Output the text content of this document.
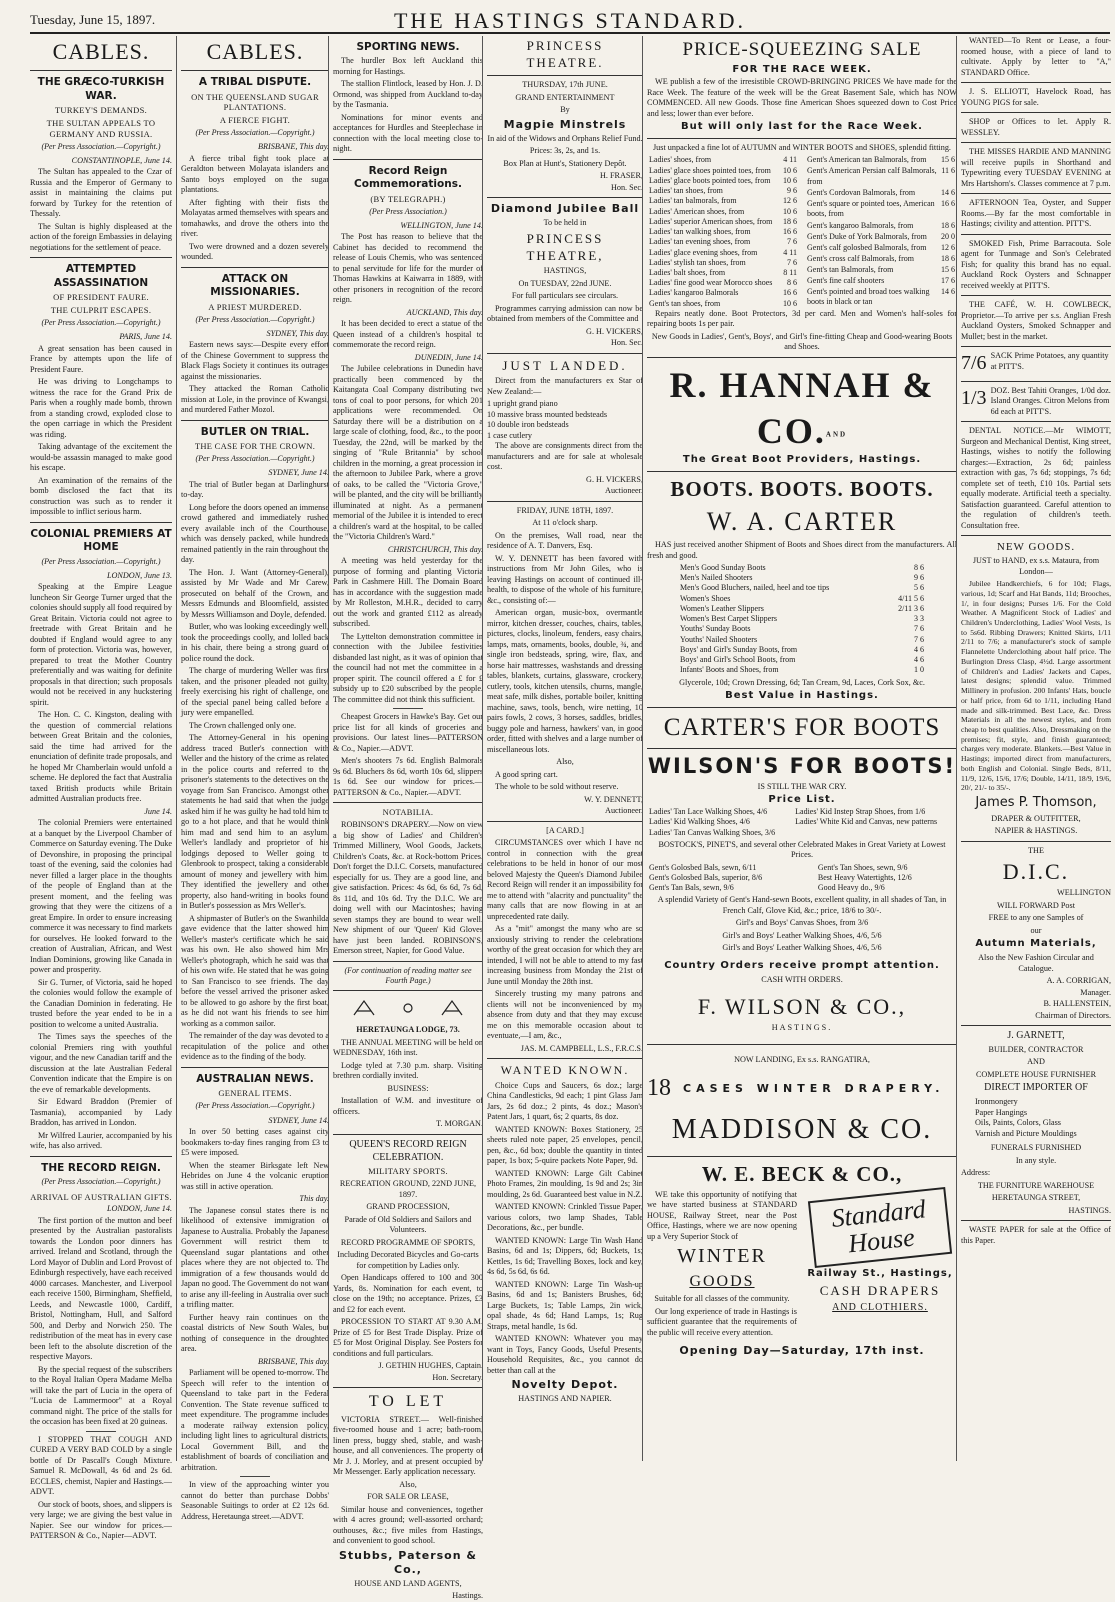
Tuesday, June 15, 1897.	THE HASTINGS STANDARD.
CABLES.
THE GRÆCO-TURKISH WAR.
TURKEY'S DEMANDS.
THE SULTAN APPEALS TO GERMANY AND RUSSIA.
(Per Press Association.—Copyright.)
CONSTANTINOPLE, June 14.

The Sultan has appealed to the Czar of Russia and the Emperor of Germany to assist in maintaining the claims put forward by Turkey for the retention of Thessaly.

The Sultan is highly displeased at the action of the foreign Embassies in delaying negotiations for the settlement of peace.

ATTEMPTED ASSASSINATION
OF PRESIDENT FAURE.
THE CULPRIT ESCAPES.
(Per Press Association.—Copyright.)
PARIS, June 14.

A great sensation has been caused in France by attempts upon the life of President Faure.

He was driving to Longchamps to witness the race for the Grand Prix de Paris when a roughly made bomb, thrown from a standing crowd, exploded close to the open carriage in which the President was riding.

Taking advantage of the excitement the would-be assassin managed to make good his escape.

An examination of the remains of the bomb disclosed the fact that its construction was such as to render it impossible to inflict serious harm.

COLONIAL PREMIERS AT HOME
(Per Press Association.—Copyright.)
LONDON, June 13.

Speaking at the Empire League luncheon Sir George Turner urged that the colonies should supply all food required by Great Britain. Victoria could not agree to freetrade with Great Britain and he doubted if England would agree to any form of protection. Victoria was, however, prepared to treat the Mother Country preferentially and was waiting for definite proposals in that direction; such proposals would not be received in any huckstering spirit.

The Hon. C. C. Kingston, dealing with the question of commercial relations between Great Britain and the colonies, said the time had arrived for the enunciation of definite trade proposals, and he hoped Mr Chamberlain would unfold a scheme. He deplored the fact that Australia taxed British products while Britain admitted Australian products free.

June 14.

The colonial Premiers were entertained at a banquet by the Liverpool Chamber of Commerce on Saturday evening. The Duke of Devonshire, in proposing the principal toast of the evening, said the colonies had never filled a larger place in the thoughts of the people of England than at the present moment, and the feeling was growing that they were the citizens of a great Empire. In order to ensure increasing commerce it was necessary to find markets for ourselves. He looked forward to the creation of Australian, African, and West Indian Dominions, growing like Canada in power and prosperity.

Sir G. Turner, of Victoria, said he hoped the colonies would follow the example of the Canadian Dominion in federating. He trusted before the year ended to be in a position to welcome a united Australia.

The Times says the speeches of the colonial Premiers ring with youthful vigour, and the new Canadian tariff and the discussion at the late Australian Federal Convention indicate that the Empire is on the eve of remarkable developments.

Sir Edward Braddon (Premier of Tasmania), accompanied by Lady Braddon, has arrived in London.

Mr Wilfred Laurier, accompanied by his wife, has also arrived.

THE RECORD REIGN.
(Per Press Association.—Copyright.)
ARRIVAL OF AUSTRALIAN GIFTS.
LONDON, June 14.

The first portion of the mutton and beef presented by the Australian pastoralists towards the London poor dinners has arrived. Ireland and Scotland, through the Lord Mayor of Dublin and Lord Provost of Edinburgh respectively, have each received 4000 carcases. Manchester, and Liverpool each receive 1500, Birmingham, Sheffield, Leeds, and Newcastle 1000, Cardiff, Bristol, Nottingham, Hull, and Salford 500, and Derby and Norwich 250. The redistribution of the meat has in every case been left to the absolute discretion of the respective Mayors.

By the special request of the subscribers to the Royal Italian Opera Madame Melba will take the part of Lucia in the opera of "Lucia de Lammermoor" at a Royal command night. The price of the stalls for the occasion has been fixed at 20 guineas.

I STOPPED THAT COUGH AND CURED A VERY BAD COLD by a single bottle of Dr Pascall's Cough Mixture. Samuel R. McDowall, 4s 6d and 2s 6d. ECCLES, chemist, Napier and Hastings.—ADVT.

Our stock of boots, shoes, and slippers is very large; we are giving the best value in Napier. See our window for prices.—PATTERSON & Co., Napier—ADVT.

CABLES.
A TRIBAL DISPUTE.
ON THE QUEENSLAND SUGAR PLANTATIONS.
A FIERCE FIGHT.
(Per Press Association.—Copyright.)
BRISBANE, This day.

A fierce tribal fight took place at Geraldton between Molayata islanders and Santo boys employed on the sugar plantations.

After fighting with their fists the Molayatas armed themselves with spears and tomahawks, and drove the others into the river.

Two were drowned and a dozen severely wounded.

ATTACK ON MISSIONARIES.
A PRIEST MURDERED.
(Per Press Association.—Copyright.)
SYDNEY, This day.

Eastern news says:—Despite every effort of the Chinese Government to suppress the Black Flags Society it continues its outrages against the missionaries.

They attacked the Roman Catholic mission at Lole, in the province of Kwangsi, and murdered Father Mozol.

BUTLER ON TRIAL.
THE CASE FOR THE CROWN.
(Per Press Association.—Copyright.)
SYDNEY, June 14.

The trial of Butler began at Darlinghurst to-day.

Long before the doors opened an immense crowd gathered and immediately rushed every available inch of the Courthouse, which was densely packed, while hundreds remained patiently in the rain throughout the day.

The Hon. J. Want (Attorney-General), assisted by Mr Wade and Mr Carew, prosecuted on behalf of the Crown, and Messrs Edmunds and Bloomfield, assisted by Messrs Williamson and Doyle, defended.

Butler, who was looking exceedingly well, took the proceedings coolly, and lolled back in his chair, there being a strong guard of police round the dock.

The charge of murdering Weller was first taken, and the prisoner pleaded not guilty, freely exercising his right of challenge, one of the special panel being called before a jury were empanelled.

The Crown challenged only one.

The Attorney-General in his opening address traced Butler's connection with Weller and the history of the crime as related in the police courts and referred to the prisoner's statements to the detectives on the voyage from San Francisco. Amongst other statements he had said that when the judge asked him if he was guilty he had told him to go to a hot place, and that he would think him mad and send him to an asylum. Weller's landlady and proprietor of his lodgings deposed to Weller going to Glenbrook to prospect, taking a considerable amount of money and jewellery with him. They identified the jewellery and other property, also hand-writing in books found in Butler's possession as Mrs Weller's.

A shipmaster of Butler's on the Swanhilda gave evidence that the latter showed him Weller's master's certificate which he said was his own. He also showed him Mrs Weller's photograph, which he said was that of his own wife. He stated that he was going to San Francisco to see friends. The day before the vessel arrived the prisoner asked to be allowed to go ashore by the first boat, as he did not want his friends to see him working as a common sailor.

The remainder of the day was devoted to a recapitulation of the police and other evidence as to the finding of the body.

AUSTRALIAN NEWS.
GENERAL ITEMS.
(Per Press Association.—Copyright.)
SYDNEY, June 14.

In over 50 betting cases against city bookmakers to-day fines ranging from £3 to £5 were imposed.

When the steamer Birksgate left New Hebrides on June 4 the volcanic eruption was still in active operation.

This day.

The Japanese consul states there is no likelihood of extensive immigration of Japanese to Australia. Probably the Japanese Government will restrict them to Queensland sugar plantations and other places where they are not objected to. The immigration of a few thousands would do Japan no good. The Government do not want to arise any ill-feeling in Australia over such a trifling matter.

Further heavy rain continues on the coastal districts of New South Wales, but nothing of consequence in the droughted area.

BRISBANE, This day.

Parliament will be opened to-morrow. The Speech will refer to the intention of Queensland to take part in the Federal Convention. The State revenue sufficed to meet expenditure. The programme includes a moderate railway extension policy, including light lines to agricultural districts, Local Government Bill, and the establishment of boards of conciliation and arbitration.

In view of the approaching winter you cannot do better than purchase Dobbs' Seasonable Suitings to order at £2 12s 6d. Address, Heretaunga street.—ADVT.

SPORTING NEWS.

The hurdler Box left Auckland this morning for Hastings.

The stallion Flintlock, leased by Hon. J. D. Ormond, was shipped from Auckland to-day by the Tasmania.

Nominations for minor events and acceptances for Hurdles and Steeplechase in connection with the local meeting close to-night.

Record Reign Commemorations.
(BY TELEGRAPH.)
(Per Press Association.)
WELLINGTON, June 14.

The Post has reason to believe that the Cabinet has decided to recommend the release of Louis Chemis, who was sentenced to penal servitude for life for the murder of Thomas Hawkins at Kaiwarra in 1889, with other prisoners in recognition of the record reign.

AUCKLAND, This day.

It has been decided to erect a statue of the Queen instead of a children's hospital to commemorate the record reign.

DUNEDIN, June 14.

The Jubilee celebrations in Dunedin have practically been commenced by the Kaitangata Coal Company distributing two tons of coal to poor persons, for which 201 applications were recommended. On Saturday there will be a distribution on a large scale of clothing, food, &c., to the poor. Tuesday, the 22nd, will be marked by the singing of "Rule Britannia" by school children in the morning, a great procession in the afternoon to Jubilee Park, where a grove of oaks, to be called the "Victoria Grove," will be planted, and the city will be brilliantly illuminated at night. As a permanent memorial of the Jubilee it is intended to erect a children's ward at the hospital, to be called the "Victoria Children's Ward."

CHRISTCHURCH, This day.

A meeting was held yesterday for the purpose of forming and planting Victoria Park in Cashmere Hill. The Domain Board has in accordance with the suggestion made by Mr Rolleston, M.H.R., decided to carry out the work and granted £112 as already subscribed.

The Lyttelton demonstration committee in connection with the Jubilee festivities disbanded last night, as it was of opinion that the council had not met the committee in a proper spirit. The council offered a £ for £ subsidy up to £20 subscribed by the people. The committee did not think this sufficient.

Cheapest Grocers in Hawke's Bay. Get our price list for all kinds of groceries and provisions. Our latest lines—PATTERSON & Co., Napier.—ADVT.

Men's shooters 7s 6d. English Balmorals 9s 6d. Bluchers 8s 6d, worth 10s 6d, slippers 1s 6d. See our window for prices.—PATTERSON & Co., Napier.—ADVT.

NOTABILIA.

ROBINSON'S DRAPERY.—Now on view a big show of Ladies' and Children's Trimmed Millinery, Wool Goods, Jackets, Children's Coats, &c. at Rock-bottom Prices. Don't forget the D.I.C. Corsets, manufactured especially for us. They are a good line, and give satisfaction. Prices: 4s 6d, 6s 6d, 7s 6d, 8s 11d, and 10s 6d. Try the D.I.C. We are doing well with our Macintoshes; having seven stamps they are bound to wear well. New shipment of our 'Queen' Kid Gloves have just been landed. ROBINSON'S, Emerson street, Napier, for Good Value.

(For continuation of reading matter see Fourth Page.)
HERETAUNGA LODGE, 73.

THE ANNUAL MEETING will be held on WEDNESDAY, 16th inst.

Lodge tyled at 7.30 p.m. sharp. Visiting brethren cordially invited.

BUSINESS:

Installation of W.M. and investiture of officers.

T. MORGAN.
QUEEN'S RECORD REIGN CELEBRATION.
MILITARY SPORTS.
RECREATION GROUND, 22ND JUNE, 1897.
GRAND PROCESSION,
Parade of Old Soldiers and Sailors and Volunteers.
RECORD PROGRAMME OF SPORTS,
Including Decorated Bicycles and Go-carts for competition by Ladies only.

Open Handicaps offered to 100 and 300 Yards, 8s. Nomination for each event, to close on the 19th; no acceptance. Prizes, £3 and £2 for each event.

PROCESSION TO START AT 9.30 A.M. Prize of £5 for Best Trade Display. Prize of £5 for Most Original Display. See Posters for conditions and full particulars.

J. GETHIN HUGHES, Captain.
Hon. Secretary.
TO LET

VICTORIA STREET.— Well-finished five-roomed house and 1 acre; bath-room, linen press, buggy shed, stable, and wash-house, and all conveniences. The property of Mr J. J. Morley, and at present occupied by Mr Messenger. Early application necessary.

Also,
FOR SALE OR LEASE,

Similar house and conveniences, together with 4 acres ground; well-assorted orchard; outhouses, &c.; five miles from Hastings, and convenient to good school.

Stubbs, Paterson & Co.,
HOUSE AND LAND AGENTS,
Hastings.
PRINCESS THEATRE.
THURSDAY, 17th JUNE.
GRAND ENTERTAINMENT
By
Magpie Minstrels
In aid of the Widows and Orphans Relief Fund.
Prices: 3s, 2s, and 1s.
Box Plan at Hunt's, Stationery Depôt.
H. FRASER,
Hon. Sec.
Diamond Jubilee Ball
To be held in
PRINCESS THEATRE,
HASTINGS,
On TUESDAY, 22nd JUNE.
For full particulars see circulars.

Programmes carrying admission can now be obtained from members of the Committee and

G. H. VICKERS,
Hon. Sec.
JUST LANDED.

Direct from the manufacturers ex Star of New Zealand:—

1 upright grand piano
10 massive brass mounted bedsteads
10 double iron bedsteads
1 case cutlery

The above are consignments direct from the manufacturers and are for sale at wholesale cost.

G. H. VICKERS,
Auctioneer.
FRIDAY, JUNE 18TH, 1897.
At 11 o'clock sharp.

On the premises, Wall road, near the residence of A. T. Danvers, Esq.

W. Y. DENNETT has been favored with instructions from Mr John Giles, who is leaving Hastings on account of continued ill-health, to dispose of the whole of his furniture, &c., consisting of:—

American organ, music-box, overmantle mirror, kitchen dresser, couches, chairs, tables, pictures, clocks, linoleum, fenders, easy chairs, lamps, mats, ornaments, books, double, ¾, and single iron bedsteads, spring, wire, flax, and horse hair mattresses, washstands and dressing tables, blankets, curtains, glassware, crockery, cutlery, tools, kitchen utensils, churns, mangle, meat safe, milk dishes, portable boiler, knitting machine, saws, tools, bench, wire netting, 10 pairs fowls, 2 cows, 3 horses, saddles, bridles, buggy pole and harness, hawkers' van, in good order, fitted with shelves and a large number of miscellaneous lots.

Also,

A good spring cart.

The whole to be sold without reserve.

W. Y. DENNETT,
Auctioneer.
[A CARD.]

CIRCUMSTANCES over which I have no control in connection with the great celebrations to be held in honor of our most beloved Majesty the Queen's Diamond Jubilee Record Reign will render it an impossibility for me to attend with "alacrity and punctuality" the many calls that are now flowing in at an unprecedented rate daily.

As a "mit" amongst the many who are so anxiously striving to render the celebrations worthy of the great occasion for which they are intended, I will not be able to attend to my fast increasing business from Monday the 21st of June until Monday the 28th inst.

Sincerely trusting my many patrons and clients will not be inconvenienced by my absence from duty and that they may excuse me on this memorable occasion about to eventuate,—I am, &c.,

JAS. M. CAMPBELL, L.S., F.R.C.S.
WANTED KNOWN.

Choice Cups and Saucers, 6s doz.; large China Candlesticks, 9d each; 1 pint Glass Jam Jars, 2s 6d doz.; 2 pints, 4s doz.; Mason's Patent Jars, 1 quart, 6s; 2 quarts, 8s doz.

WANTED KNOWN: Boxes Stationery, 25 sheets ruled note paper, 25 envelopes, pencil, pen, &c., 6d box; double the quantity in tinted paper, 1s box; 5-quire packets Note Paper, 9d.

WANTED KNOWN: Large Gilt Cabinet Photo Frames, 2in moulding, 1s 9d and 2s; 3in moulding, 2s 6d. Guaranteed best value in N.Z.

WANTED KNOWN: Crinkled Tissue Paper, various colors, two lamp Shades, Table Decorations, &c., per bundle.

WANTED KNOWN: Large Tin Wash Hand Basins, 6d and 1s; Dippers, 6d; Buckets, 1s; Kettles, 1s 6d; Travelling Boxes, lock and key, 4s 6d, 5s 6d, 6s 6d.

WANTED KNOWN: Large Tin Wash-up Basins, 6d and 1s; Banisters Brushes, 6d; Large Buckets, 1s; Table Lamps, 2in wick, opal shade, 4s 6d; Hand Lamps, 1s; Rug Straps, metal handle, 1s 6d.

WANTED KNOWN: Whatever you may want in Toys, Fancy Goods, Useful Presents, Household Requisites, &c., you cannot do better than call at the

Novelty Depot.
HASTINGS AND NAPIER.
PRICE-SQUEEZING SALE
FOR THE RACE WEEK.

WE publish a few of the irresistible CROWD-BRINGING PRICES We have made for the Race Week. The feature of the week will be the Great Basement Sale, which has NOW COMMENCED. All new Goods. Those fine American Shoes squeezed down to Cost Price and less; lower than ever before.

But will only last for the Race Week.
Just unpacked a fine lot of AUTUMN and WINTER BOOTS and SHOES, splendid fitting.
Ladies' shoes, from	4 11
Ladies' glace shoes pointed toes, from	10 6
Ladies' glace boots pointed toes, from	10 6
Ladies' tan shoes, from	9 6
Ladies' tan balmorals, from	12 6
Ladies' American shoes, from	10 6
Ladies' superior American shoes, from	18 6
Ladies' tan walking shoes, from	16 6
Ladies' tan evening shoes, from	7 6
Ladies' glace evening shoes, from	4 11
Ladies' stylish tan shoes, from	7 6
Ladies' balt shoes, from	8 11
Ladies' fine good wear Morocco shoes	8 6
Ladies' kangaroo Balmorals	16 6
Gent's tan shoes, from	10 6
Gent's American tan Balmorals, from	15 6
Gent's American Persian calf Balmorals, from	11 6
Gent's Cordovan Balmorals, from	14 6
Gent's square or pointed toes, American boots, from	16 6
Gent's kangaroo Balmorals, from	18 6
Gent's Duke of York Balmorals, from	20 0
Gent's calf golosbed Balmorals, from	12 6
Gent's cross calf Balmorals, from	18 6
Gent's tan Balmorals, from	15 6
Gent's fine calf shooters	17 6
Gent's pointed and broad toes walking boots in black or tan	14 6

Repairs neatly done. Boot Protectors, 3d per card. Men and Women's half-soles for repairing boots 1s per pair.

New Goods in Ladies', Gent's, Boys', and Girl's fine-fitting Cheap and Good-wearing Boots and Shoes.
R. HANNAH & CO.AND
The Great Boot Providers, Hastings.
BOOTS. BOOTS. BOOTS.
W. A. CARTER

HAS just received another Shipment of Boots and Shoes direct from the manufacturers. All fresh and good.

Men's Good Sunday Boots	8 6
Men's Nailed Shooters	9 6
Men's Good Bluchers, nailed, heel and toe tips	5 6
Women's Shoes	4/11 5 6
Women's Leather Slippers	2/11 3 6
Women's Best Carpet Slippers	3 3
Youths' Sunday Boots	7 6
Youths' Nailed Shooters	7 6
Boys' and Girl's Sunday Boots, from	4 6
Boys' and Girl's School Boots, from	4 6
Infants' Boots and Shoes, from	1 0
Glycerole, 10d; Crown Dressing, 6d; Tan Cream, 9d, Laces, Cork Sox, &c.
Best Value in Hastings.
CARTER'S FOR BOOTS
WILSON'S FOR BOOTS!
IS STILL THE WAR CRY.
Price List.
Ladies' Tan Lace Walking Shoes, 4/6	Ladies' Kid Instep Strap Shoes, from 1/6
Ladies' Kid Walking Shoes, 4/6	Ladies' White Kid and Canvas, new patterns
Ladies' Tan Canvas Walking Shoes, 3/6	
BOSTOCK'S, PINET'S, and several other Celebrated Makes in Great Variety at Lowest Prices.
Gent's Golosbed Bals, sewn, 6/11	Gent's Tan Shoes, sewn, 9/6
Gent's Golosbed Bals, superior, 8/6	Best Heavy Watertights, 12/6
Gent's Tan Bals, sewn, 9/6	Good Heavy do., 9/6
A splendid Variety of Gent's Hand-sewn Boots, excellent quality, in all shades of Tan, in French Calf, Glove Kid, &c.; price, 18/6 to 30/-.
Girl's and Boys' Canvas Shoes, from 3/6
Girl's and Boys' Leather Walking Shoes, 4/6, 5/6
Girl's and Boys' Leather Walking Shoes, 4/6, 5/6
Country Orders receive prompt attention.
CASH WITH ORDERS.
F. WILSON & CO.,
HASTINGS.
NOW LANDING, Ex s.s. RANGATIRA,
18 CASES WINTER DRAPERY.
MADDISON & CO.
W. E. BECK & CO.,

WE take this opportunity of notifying that we have started business at STANDARD HOUSE, Railway Street, near the Post Office, Hastings, where we are now opening up a Very Superior Stock of

WINTER
GOODS
Suitable for all classes of the community.

Our long experience of trade in Hastings is sufficient guarantee that the requirements of the public will receive every attention.

Standard
House
Railway St., Hastings,
CASH DRAPERS
AND CLOTHIERS.
Opening Day—Saturday, 17th inst.

WANTED—To Rent or Lease, a four-roomed house, with a piece of land to cultivate. Apply by letter to "A," STANDARD Office.

J. S. ELLIOTT, Havelock Road, has YOUNG PIGS for sale.

SHOP or Offices to let. Apply R. WESSLEY.

THE MISSES HARDIE AND MANNING will receive pupils in Shorthand and Typewriting every TUESDAY EVENING at Mrs Hartshorn's. Classes commence at 7 p.m.

AFTERNOON Tea, Oyster, and Supper Rooms.—By far the most comfortable in Hastings; civility and attention. PITT'S.

SMOKED Fish, Prime Barracouta. Sole agent for Tunmage and Son's Celebrated Fish; for quality this brand has no equal. Auckland Rock Oysters and Schnapper received weekly at PITT'S.

THE CAFÉ, W. H. COWLBECK, Proprietor.—To arrive per s.s. Anglian Fresh Auckland Oysters, Smoked Schnapper and Mullet; best in the market.

7/6 SACK Prime Potatoes, any quantity at PITT'S.
1/3 DOZ. Best Tahiti Oranges, 1/0d doz. Island Oranges. Citron Melons from 6d each at PITT'S.

DENTAL NOTICE.—Mr WIMOTT, Surgeon and Mechanical Dentist, King street, Hastings, wishes to notify the following charges:—Extraction, 2s 6d; painless extraction with gas, 7s 6d; stoppings, 7s 6d; complete set of teeth, £10 10s. Partial sets equally moderate. Artificial teeth a specialty. Satisfaction guaranteed. Careful attention to the regulation of children's teeth. Consultation free.

NEW GOODS.
JUST to HAND, ex s.s. Mataura, from London—

Jubilee Handkerchiefs, 6 for 10d; Flags, various, 1d; Scarf and Hat Bands, 11d; Brooches, 1/, in four designs; Purses 1/6. For the Cold Weather. A Magnificent Stock of Ladies' and Children's Underclothing, Ladies' Wool Vests, 1s to 5s6d. Ribbing Drawers; Knitted Skirts, 1/11 2/11 to 7/6; a manufacturer's stock of sample Flannelette Underclothing about half price. The Burlington Dress Clasp, 4½d. Large assortment of Children's and Ladies' Jackets and Capes, latest designs; splendid value. Trimmed Millinery in profusion. 200 Infants' Hats, boucle or half price, from 6d to 1/11, including Hand made and silk-trimmed. Best Lace, &c. Dress Materials in all the newest styles, and from cheap to best qualities. Also, Dressmaking on the premises; fit, style, and finish guaranteed; charges very moderate. Blankets.—Best Value in Hastings; imported direct from manufacturers, both English and Colonial. Single Beds, 8/11, 11/9, 12/6, 15/6, 17/6; Double, 14/11, 18/9, 19/6, 20/, 21/- to 35/-.

James P. Thomson,
DRAPER & OUTFITTER,
NAPIER & HASTINGS.
THE
D.I.C.
WELLINGTON
WILL FORWARD Post
FREE to any one Samples of
our
Autumn Materials,
Also the New Fashion Circular and Catalogue.
A. A. CORRIGAN,
Manager.
B. HALLENSTEIN,
Chairman of Directors.
J. GARNETT,
BUILDER, CONTRACTOR
AND
COMPLETE HOUSE FURNISHER
DIRECT IMPORTER OF
Ironmongery
Paper Hangings
Oils, Paints, Colors, Glass
Varnish and Picture Mouldings
FUNERALS FURNISHED
In any style.
Address:
THE FURNITURE WAREHOUSE
HERETAUNGA STREET,
HASTINGS.

WASTE PAPER for sale at the Office of this Paper.
